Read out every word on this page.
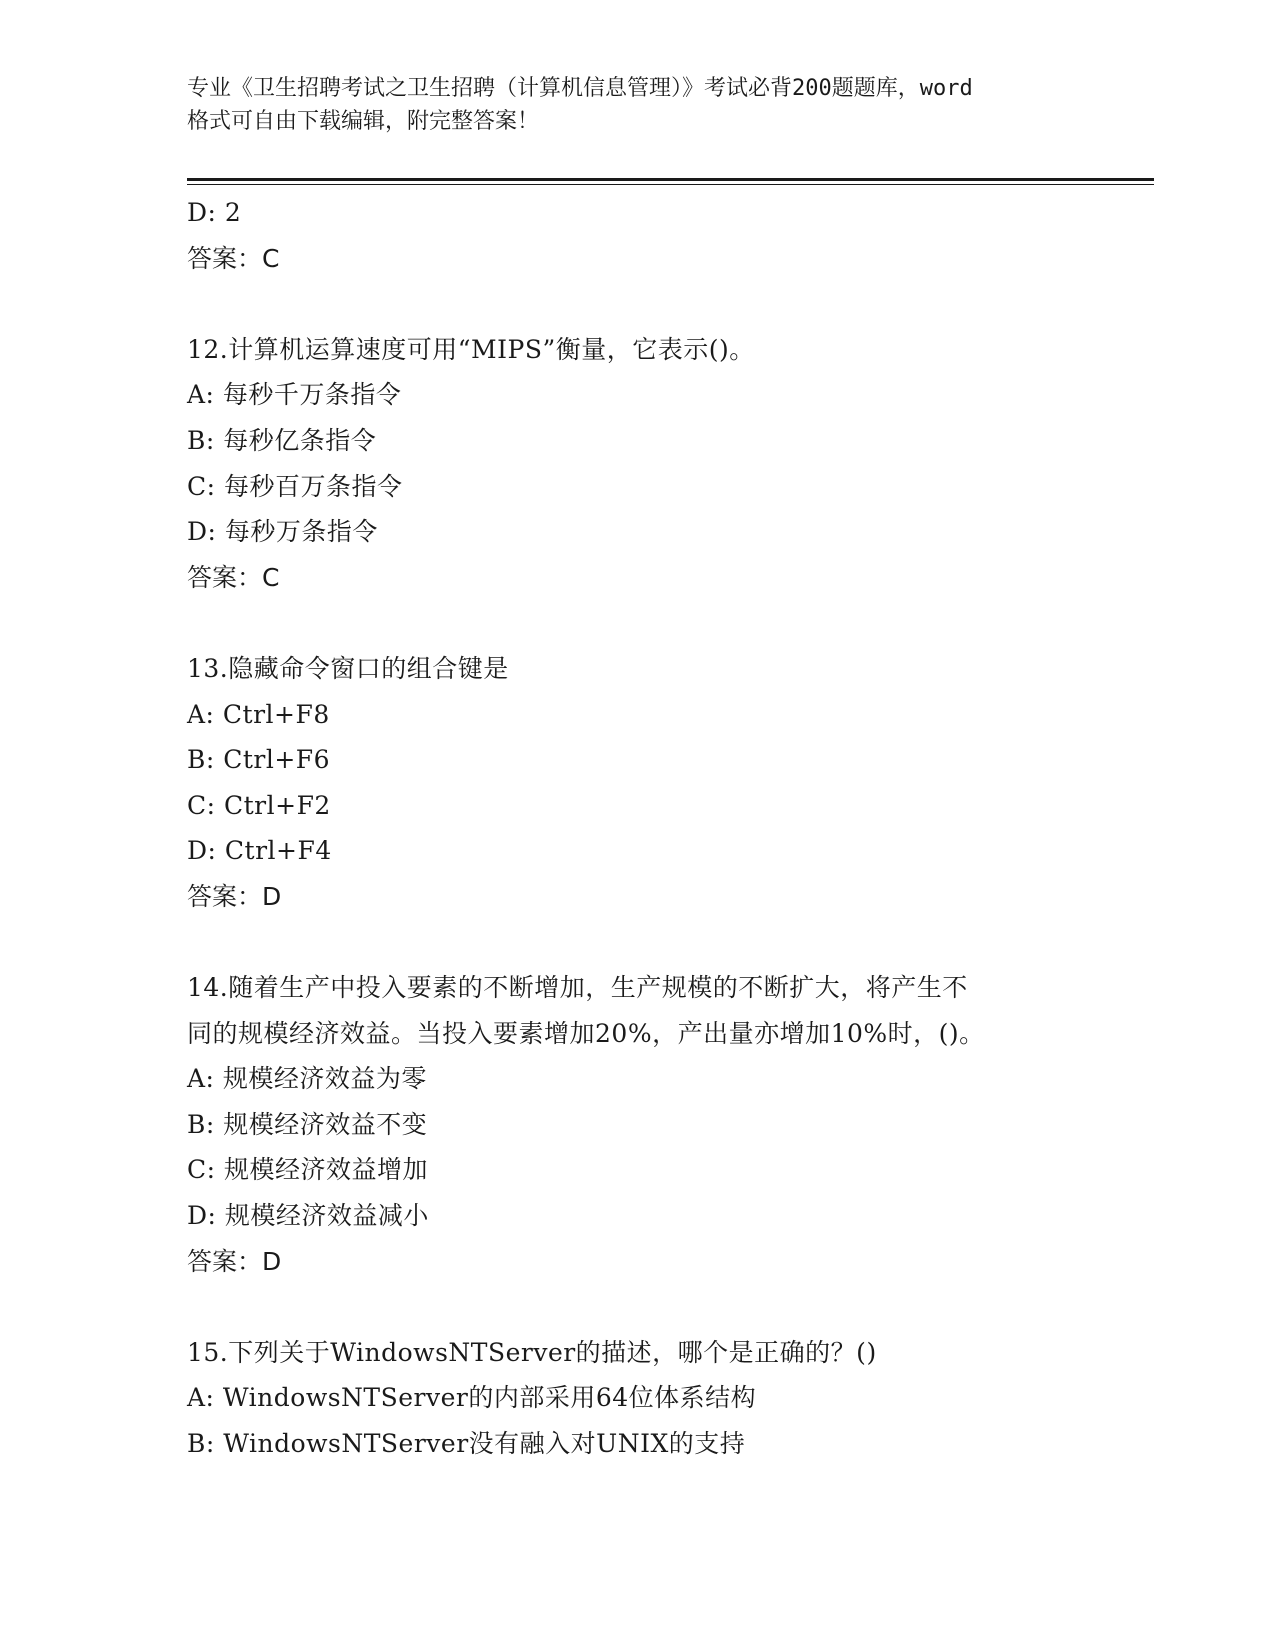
专业《卫生招聘考试之卫生招聘（计算机信息管理）》考试必背200题题库，word
格式可自由下载编辑，附完整答案！
D: 2
答案：C
12.计算机运算速度可用“MIPS”衡量，它表示()。
A: 每秒千万条指令
B: 每秒亿条指令
C: 每秒百万条指令
D: 每秒万条指令
答案：C
13.隐藏命令窗口的组合键是
A: Ctrl+F8
B: Ctrl+F6
C: Ctrl+F2
D: Ctrl+F4
答案：D
14.随着生产中投入要素的不断增加，生产规模的不断扩大，将产生不
同的规模经济效益。当投入要素增加20%，产出量亦增加10%时，()。
A: 规模经济效益为零
B: 规模经济效益不变
C: 规模经济效益增加
D: 规模经济效益减小
答案：D
15.下列关于WindowsNTServer的描述，哪个是正确的？()
A: WindowsNTServer的内部采用64位体系结构
B: WindowsNTServer没有融入对UNIX的支持
